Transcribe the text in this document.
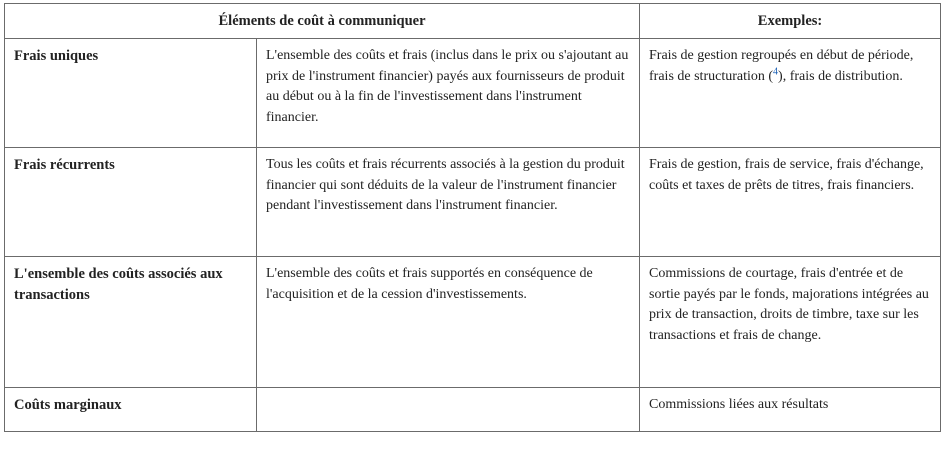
Éléments de coût à communiquer		Exemples:
Frais uniques	L'ensemble des coûts et frais (inclus dans le prix ou s'ajoutant au prix de l'instrument financier) payés aux fournisseurs de produit au début ou à la fin de l'investissement dans l'instrument financier.	Frais de gestion regroupés en début de période, frais de structuration ($^4$), frais de distribution.
Frais récurrents	Tous les coûts et frais récurrents associés à la gestion du produit financier qui sont déduits de la valeur de l'instrument financier pendant l'investissement dans l'instrument financier.	Frais de gestion, frais de service, frais d'échange, coûts et taxes de prêts de titres, frais financiers.
L'ensemble des coûts associés aux transactions	L'ensemble des coûts et frais supportés en conséquence de l'acquisition et de la cession d'investissements.	Commissions de courtage, frais d'entrée et de sortie payés par le fonds, majorations intégrées au prix de transaction, droits de timbre, taxe sur les transactions et frais de change.
Coûts marginaux		Commissions liées aux résultats
